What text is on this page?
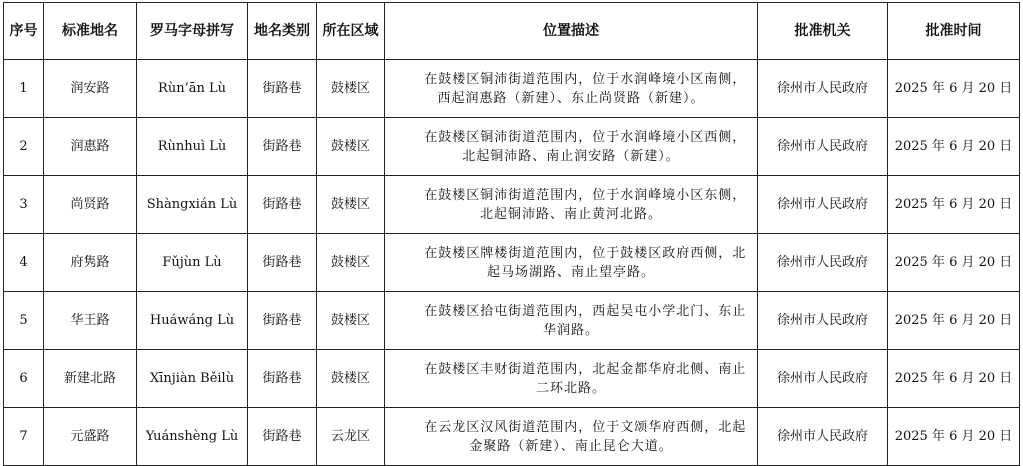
序号	标准地名	罗马字母拼写	地名类别	所在区域	位置描述	批准机关	批准时间
1	润安路	Rùn’ān Lù	街路巷	鼓楼区	在鼓楼区铜沛街道范围内，位于水润峰境小区南侧，西起润惠路（新建）、东止尚贤路（新建）。	徐州市人民政府	2025 年 6 月 20 日
2	润惠路	Rùnhuì Lù	街路巷	鼓楼区	在鼓楼区铜沛街道范围内，位于水润峰境小区西侧，北起铜沛路、南止润安路（新建）。	徐州市人民政府	2025 年 6 月 20 日
3	尚贤路	Shàngxián Lù	街路巷	鼓楼区	在鼓楼区铜沛街道范围内，位于水润峰境小区东侧，北起铜沛路、南止黄河北路。	徐州市人民政府	2025 年 6 月 20 日
4	府隽路	Fǔjùn Lù	街路巷	鼓楼区	在鼓楼区牌楼街道范围内，位于鼓楼区政府西侧，北起马场湖路、南止望亭路。	徐州市人民政府	2025 年 6 月 20 日
5	华王路	Huáwáng Lù	街路巷	鼓楼区	在鼓楼区拾屯街道范围内，西起吴屯小学北门、东止华润路。	徐州市人民政府	2025 年 6 月 20 日
6	新建北路	Xīnjiàn Běilù	街路巷	鼓楼区	在鼓楼区丰财街道范围内，北起金都华府北侧、南止二环北路。	徐州市人民政府	2025 年 6 月 20 日
7	元盛路	Yuánshèng Lù	街路巷	云龙区	在云龙区汉风街道范围内，位于文颂华府西侧，北起金聚路（新建）、南止昆仑大道。	徐州市人民政府	2025 年 6 月 20 日
